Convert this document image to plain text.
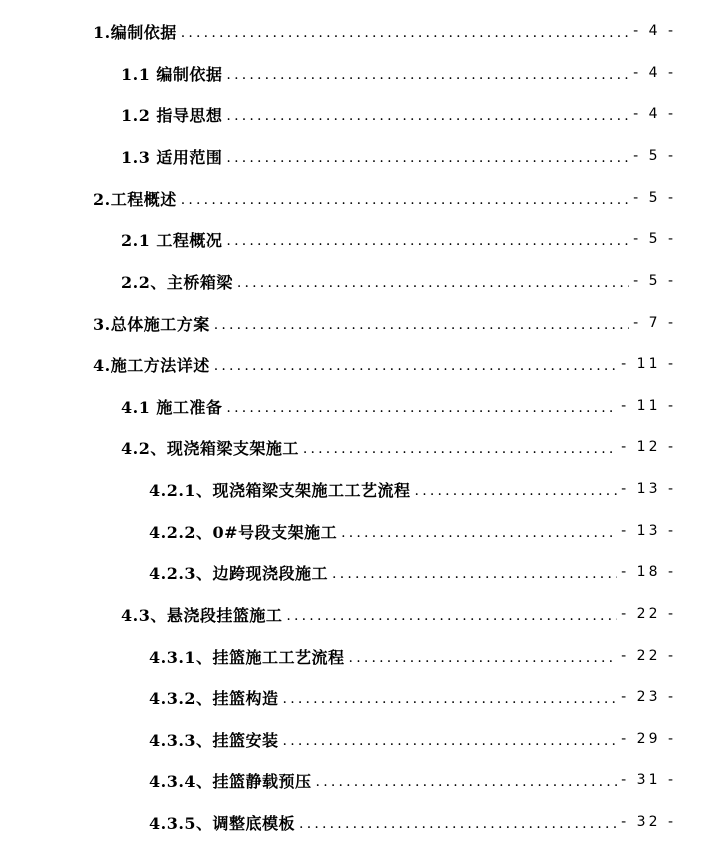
1.编制依据 .....	- 4 -
1.1 编制依据 .....	- 4 -
1.2 指导思想 .....	- 4 -
1.3 适用范围 .....	- 5 -
2.工程概述 .....	- 5 -
2.1 工程概况 .....	- 5 -
2.2、主桥箱梁 .....	- 5 -
3.总体施工方案 .....	- 7 -
4.施工方法详述 .....	- 11 -
4.1 施工准备 .....	- 11 -
4.2、现浇箱梁支架施工 .....	- 12 -
4.2.1、现浇箱梁支架施工工艺流程 .....	- 13 -
4.2.2、0#号段支架施工 .....	- 13 -
4.2.3、边跨现浇段施工 .....	- 18 -
4.3、悬浇段挂篮施工 .....	- 22 -
4.3.1、挂篮施工工艺流程 .....	- 22 -
4.3.2、挂篮构造 .....	- 23 -
4.3.3、挂篮安装 .....	- 29 -
4.3.4、挂篮静载预压 .....	- 31 -
4.3.5、调整底模板 .....	- 32 -
